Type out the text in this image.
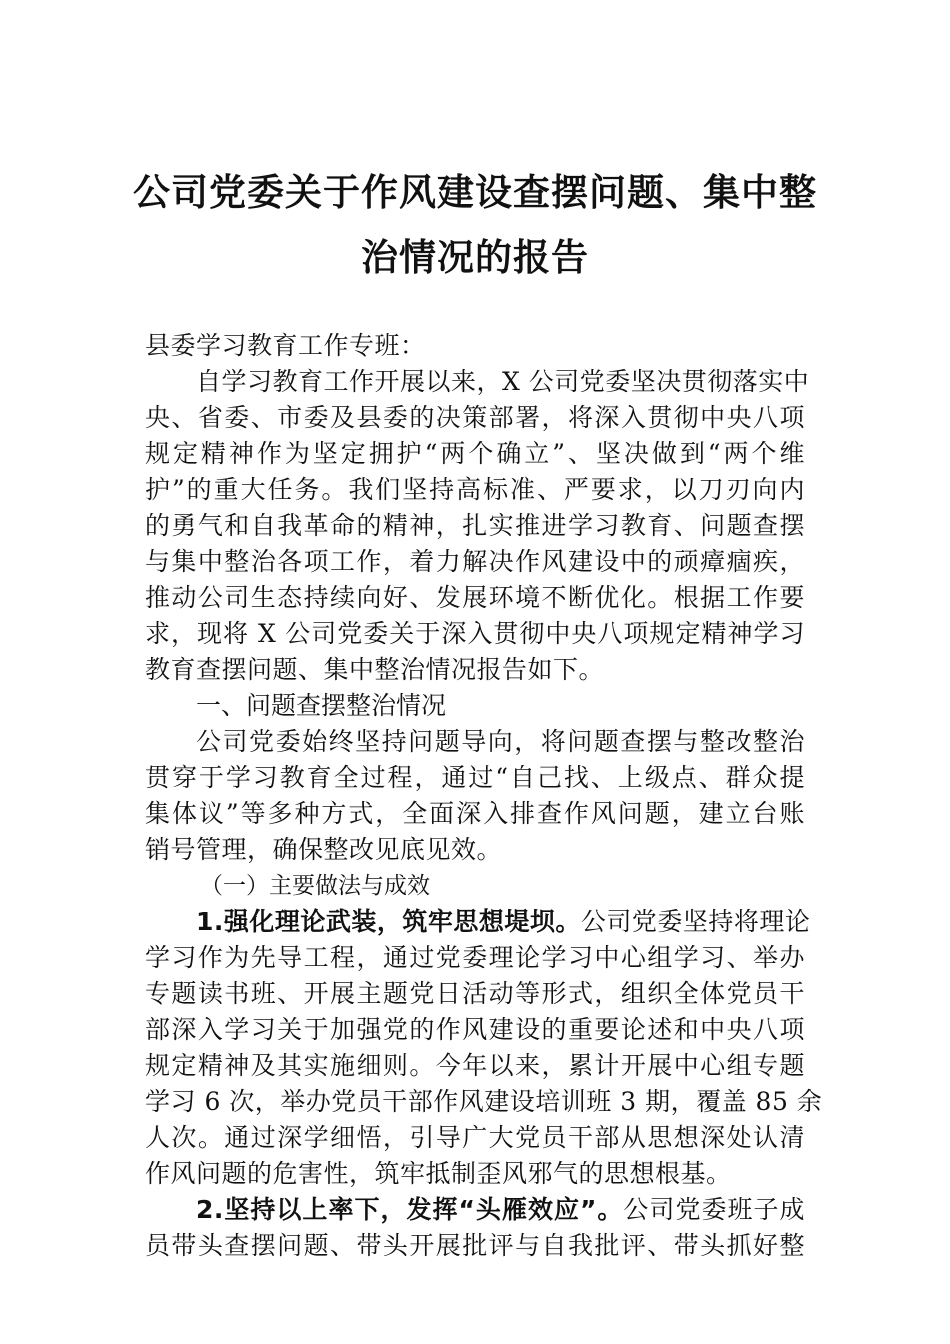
公司党委关于作风建设查摆问题、集中整
治情况的报告
县委学习教育工作专班：
自学习教育工作开展以来，X 公司党委坚决贯彻落实中
央、省委、市委及县委的决策部署，将深入贯彻中央八项
规定精神作为坚定拥护“两个确立”、坚决做到“两个维
护”的重大任务。我们坚持高标准、严要求，以刀刃向内
的勇气和自我革命的精神，扎实推进学习教育、问题查摆
与集中整治各项工作，着力解决作风建设中的顽瘴痼疾，
推动公司生态持续向好、发展环境不断优化。根据工作要
求，现将 X 公司党委关于深入贯彻中央八项规定精神学习
教育查摆问题、集中整治情况报告如下。
一、问题查摆整治情况
公司党委始终坚持问题导向，将问题查摆与整改整治
贯穿于学习教育全过程，通过“自己找、上级点、群众提
集体议”等多种方式，全面深入排查作风问题，建立台账
销号管理，确保整改见底见效。
（一）主要做法与成效
1.强化理论武装，筑牢思想堤坝。公司党委坚持将理论
学习作为先导工程，通过党委理论学习中心组学习、举办
专题读书班、开展主题党日活动等形式，组织全体党员干
部深入学习关于加强党的作风建设的重要论述和中央八项
规定精神及其实施细则。今年以来，累计开展中心组专题
学习 6 次，举办党员干部作风建设培训班 3 期，覆盖 85 余
人次。通过深学细悟，引导广大党员干部从思想深处认清
作风问题的危害性，筑牢抵制歪风邪气的思想根基。
2.坚持以上率下，发挥“头雁效应”。公司党委班子成
员带头查摆问题、带头开展批评与自我批评、带头抓好整
